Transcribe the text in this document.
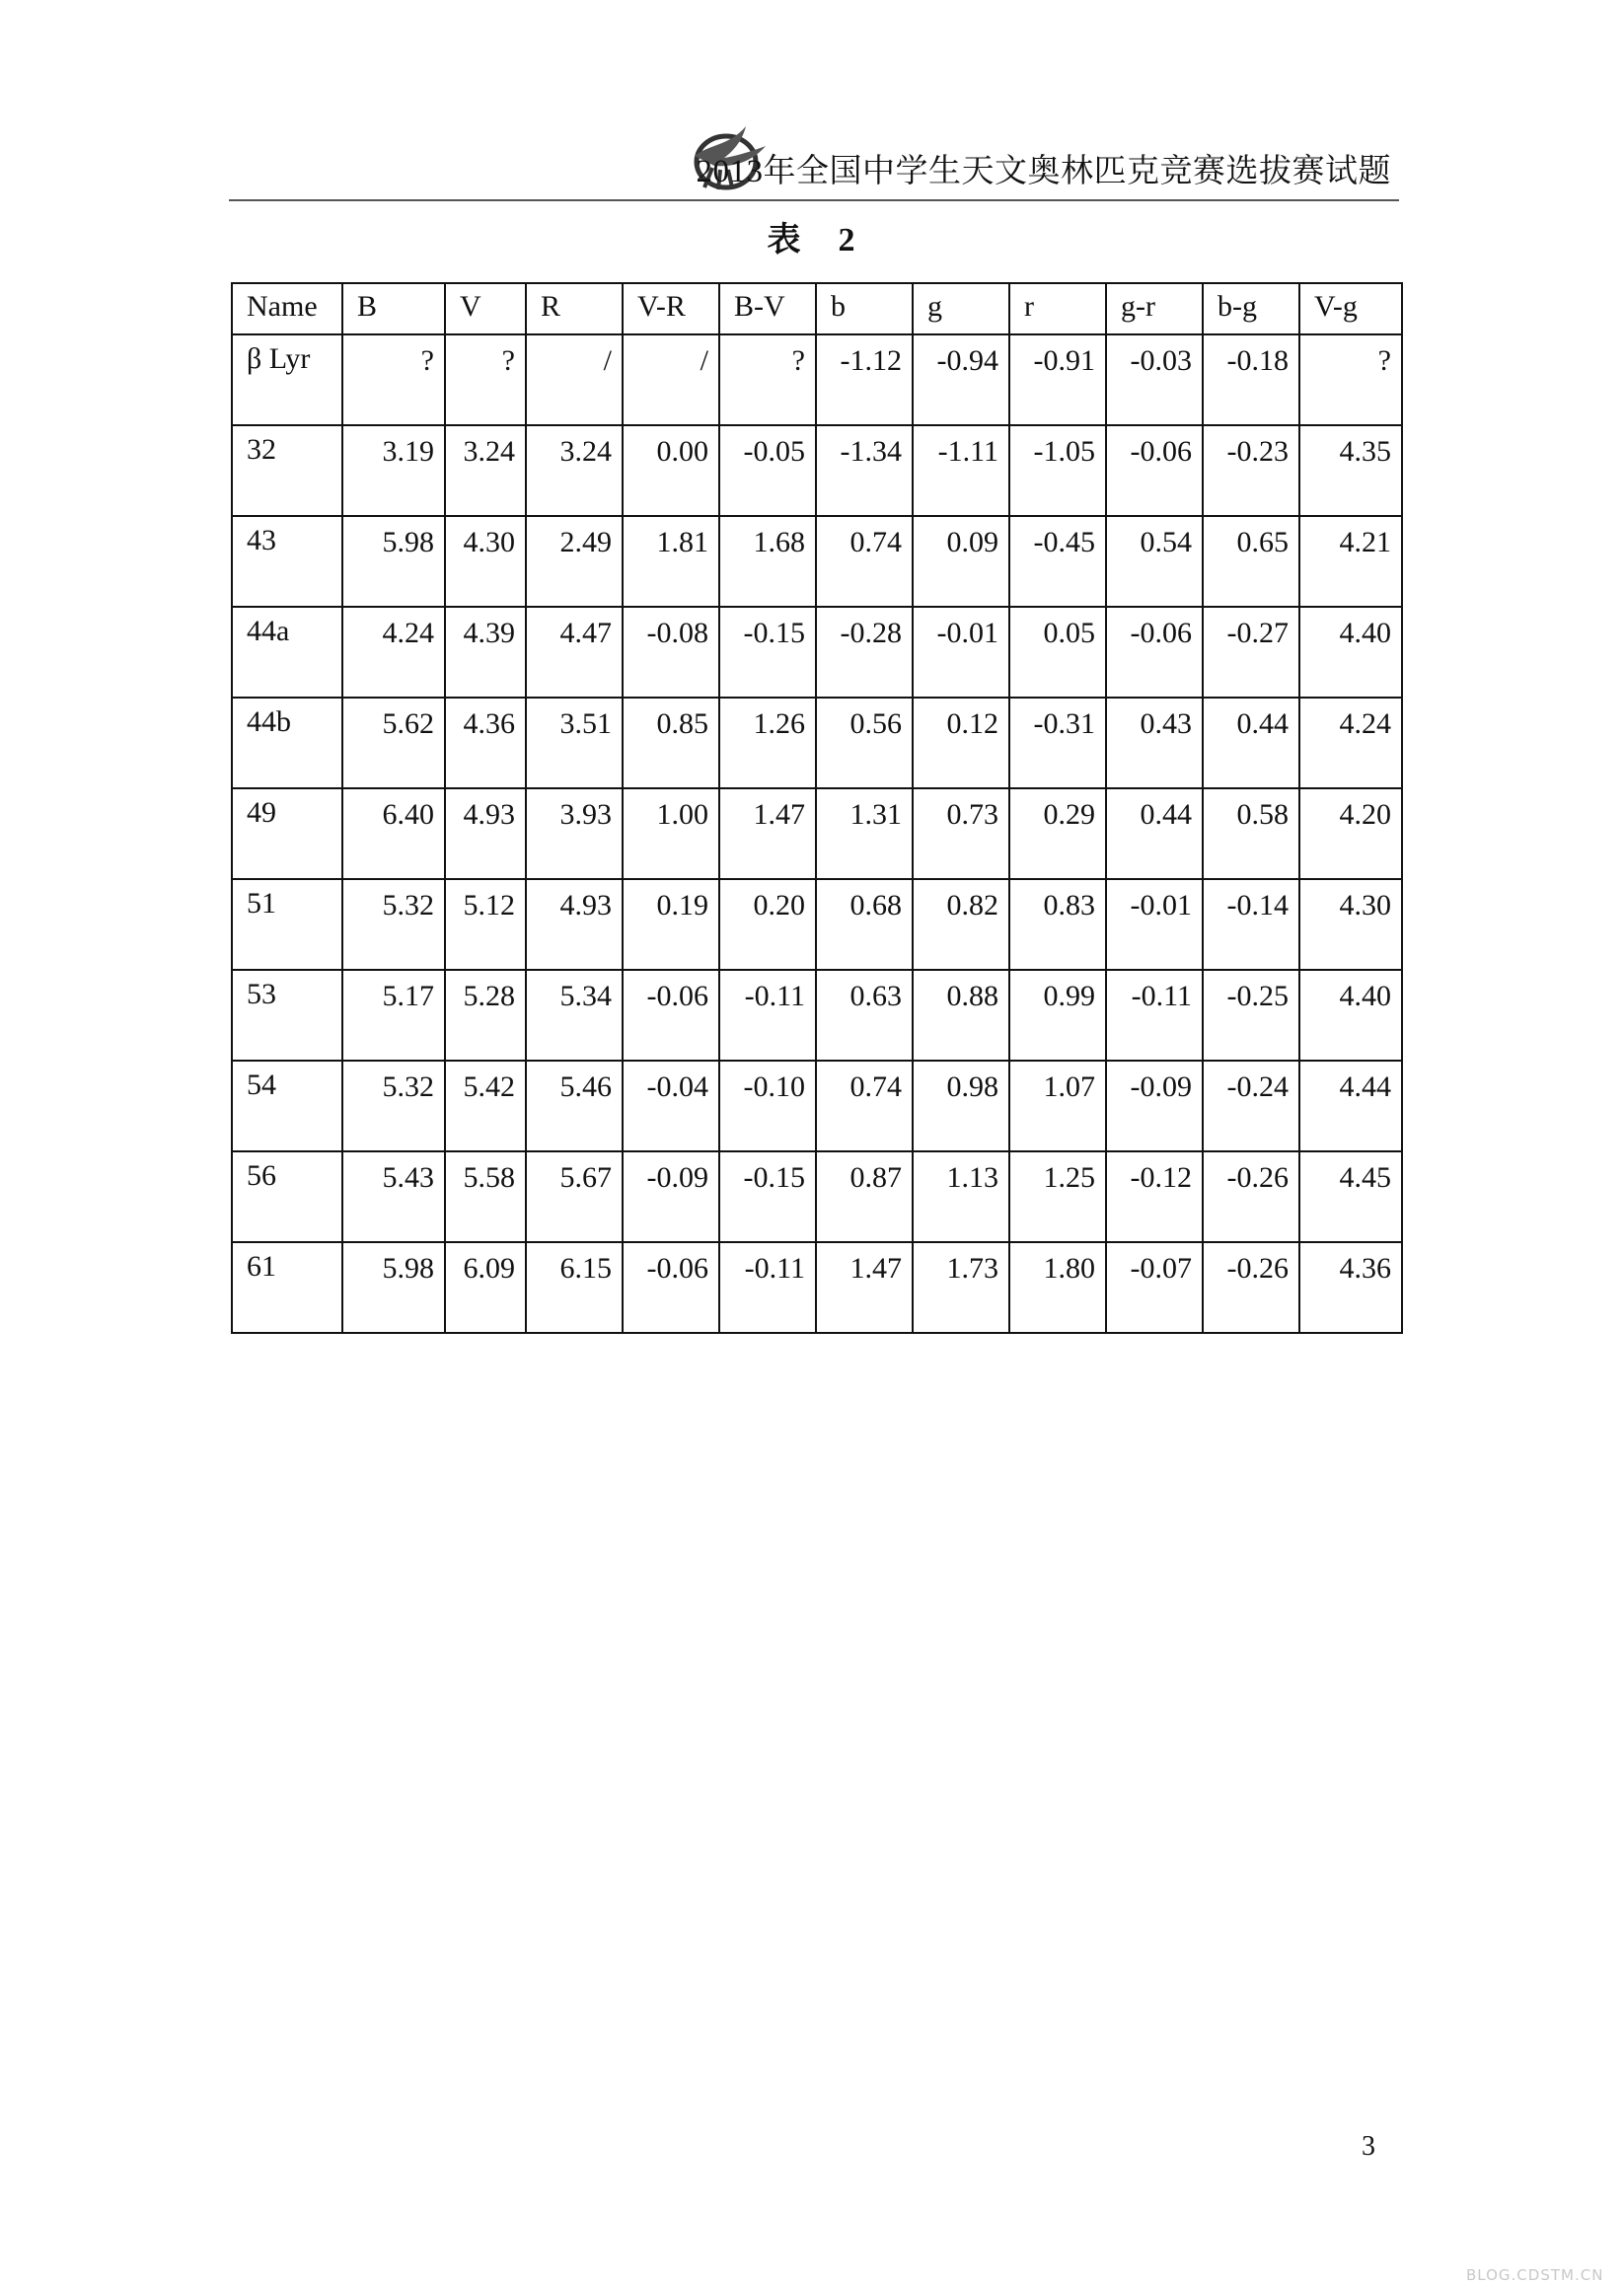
2013年全国中学生天文奥林匹克竞赛选拔赛试题
表　2
Name	B	V	R	V-R	B-V	b	g	r	g-r	b-g	V-g
β Lyr	?	?	/	/	?	-1.12	-0.94	-0.91	-0.03	-0.18	?
32	3.19	3.24	3.24	0.00	-0.05	-1.34	-1.11	-1.05	-0.06	-0.23	4.35
43	5.98	4.30	2.49	1.81	1.68	0.74	0.09	-0.45	0.54	0.65	4.21
44a	4.24	4.39	4.47	-0.08	-0.15	-0.28	-0.01	0.05	-0.06	-0.27	4.40
44b	5.62	4.36	3.51	0.85	1.26	0.56	0.12	-0.31	0.43	0.44	4.24
49	6.40	4.93	3.93	1.00	1.47	1.31	0.73	0.29	0.44	0.58	4.20
51	5.32	5.12	4.93	0.19	0.20	0.68	0.82	0.83	-0.01	-0.14	4.30
53	5.17	5.28	5.34	-0.06	-0.11	0.63	0.88	0.99	-0.11	-0.25	4.40
54	5.32	5.42	5.46	-0.04	-0.10	0.74	0.98	1.07	-0.09	-0.24	4.44
56	5.43	5.58	5.67	-0.09	-0.15	0.87	1.13	1.25	-0.12	-0.26	4.45
61	5.98	6.09	6.15	-0.06	-0.11	1.47	1.73	1.80	-0.07	-0.26	4.36
3
BLOG.CDSTM.CN
